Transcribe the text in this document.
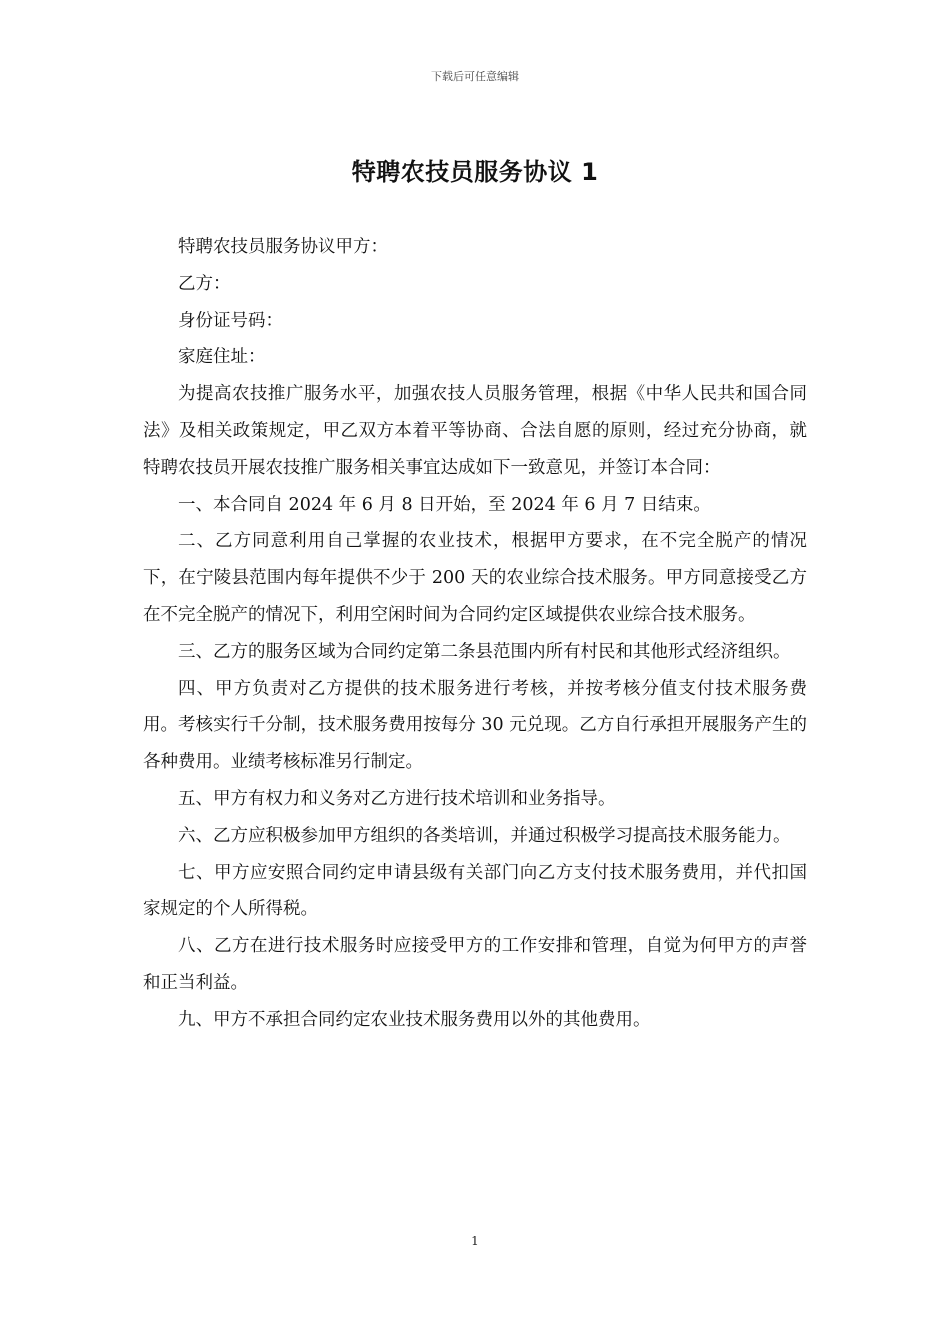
下载后可任意编辑
特聘农技员服务协议 1

特聘农技员服务协议甲方：

乙方：

身份证号码：

家庭住址：

为提高农技推广服务水平，加强农技人员服务管理，根据《中华人民共和国合同法》及相关政策规定，甲乙双方本着平等协商、合法自愿的原则，经过充分协商，就特聘农技员开展农技推广服务相关事宜达成如下一致意见，并签订本合同：

一、本合同自 2024 年 6 月 8 日开始，至 2024 年 6 月 7 日结束。

二、乙方同意利用自己掌握的农业技术，根据甲方要求，在不完全脱产的情况下，在宁陵县范围内每年提供不少于 200 天的农业综合技术服务。甲方同意接受乙方在不完全脱产的情况下，利用空闲时间为合同约定区域提供农业综合技术服务。

三、乙方的服务区域为合同约定第二条县范围内所有村民和其他形式经济组织。

四、甲方负责对乙方提供的技术服务进行考核，并按考核分值支付技术服务费用。考核实行千分制，技术服务费用按每分 30 元兑现。乙方自行承担开展服务产生的各种费用。业绩考核标准另行制定。

五、甲方有权力和义务对乙方进行技术培训和业务指导。

六、乙方应积极参加甲方组织的各类培训，并通过积极学习提高技术服务能力。

七、甲方应安照合同约定申请县级有关部门向乙方支付技术服务费用，并代扣国家规定的个人所得税。

八、乙方在进行技术服务时应接受甲方的工作安排和管理，自觉为何甲方的声誉和正当利益。

九、甲方不承担合同约定农业技术服务费用以外的其他费用。

1
